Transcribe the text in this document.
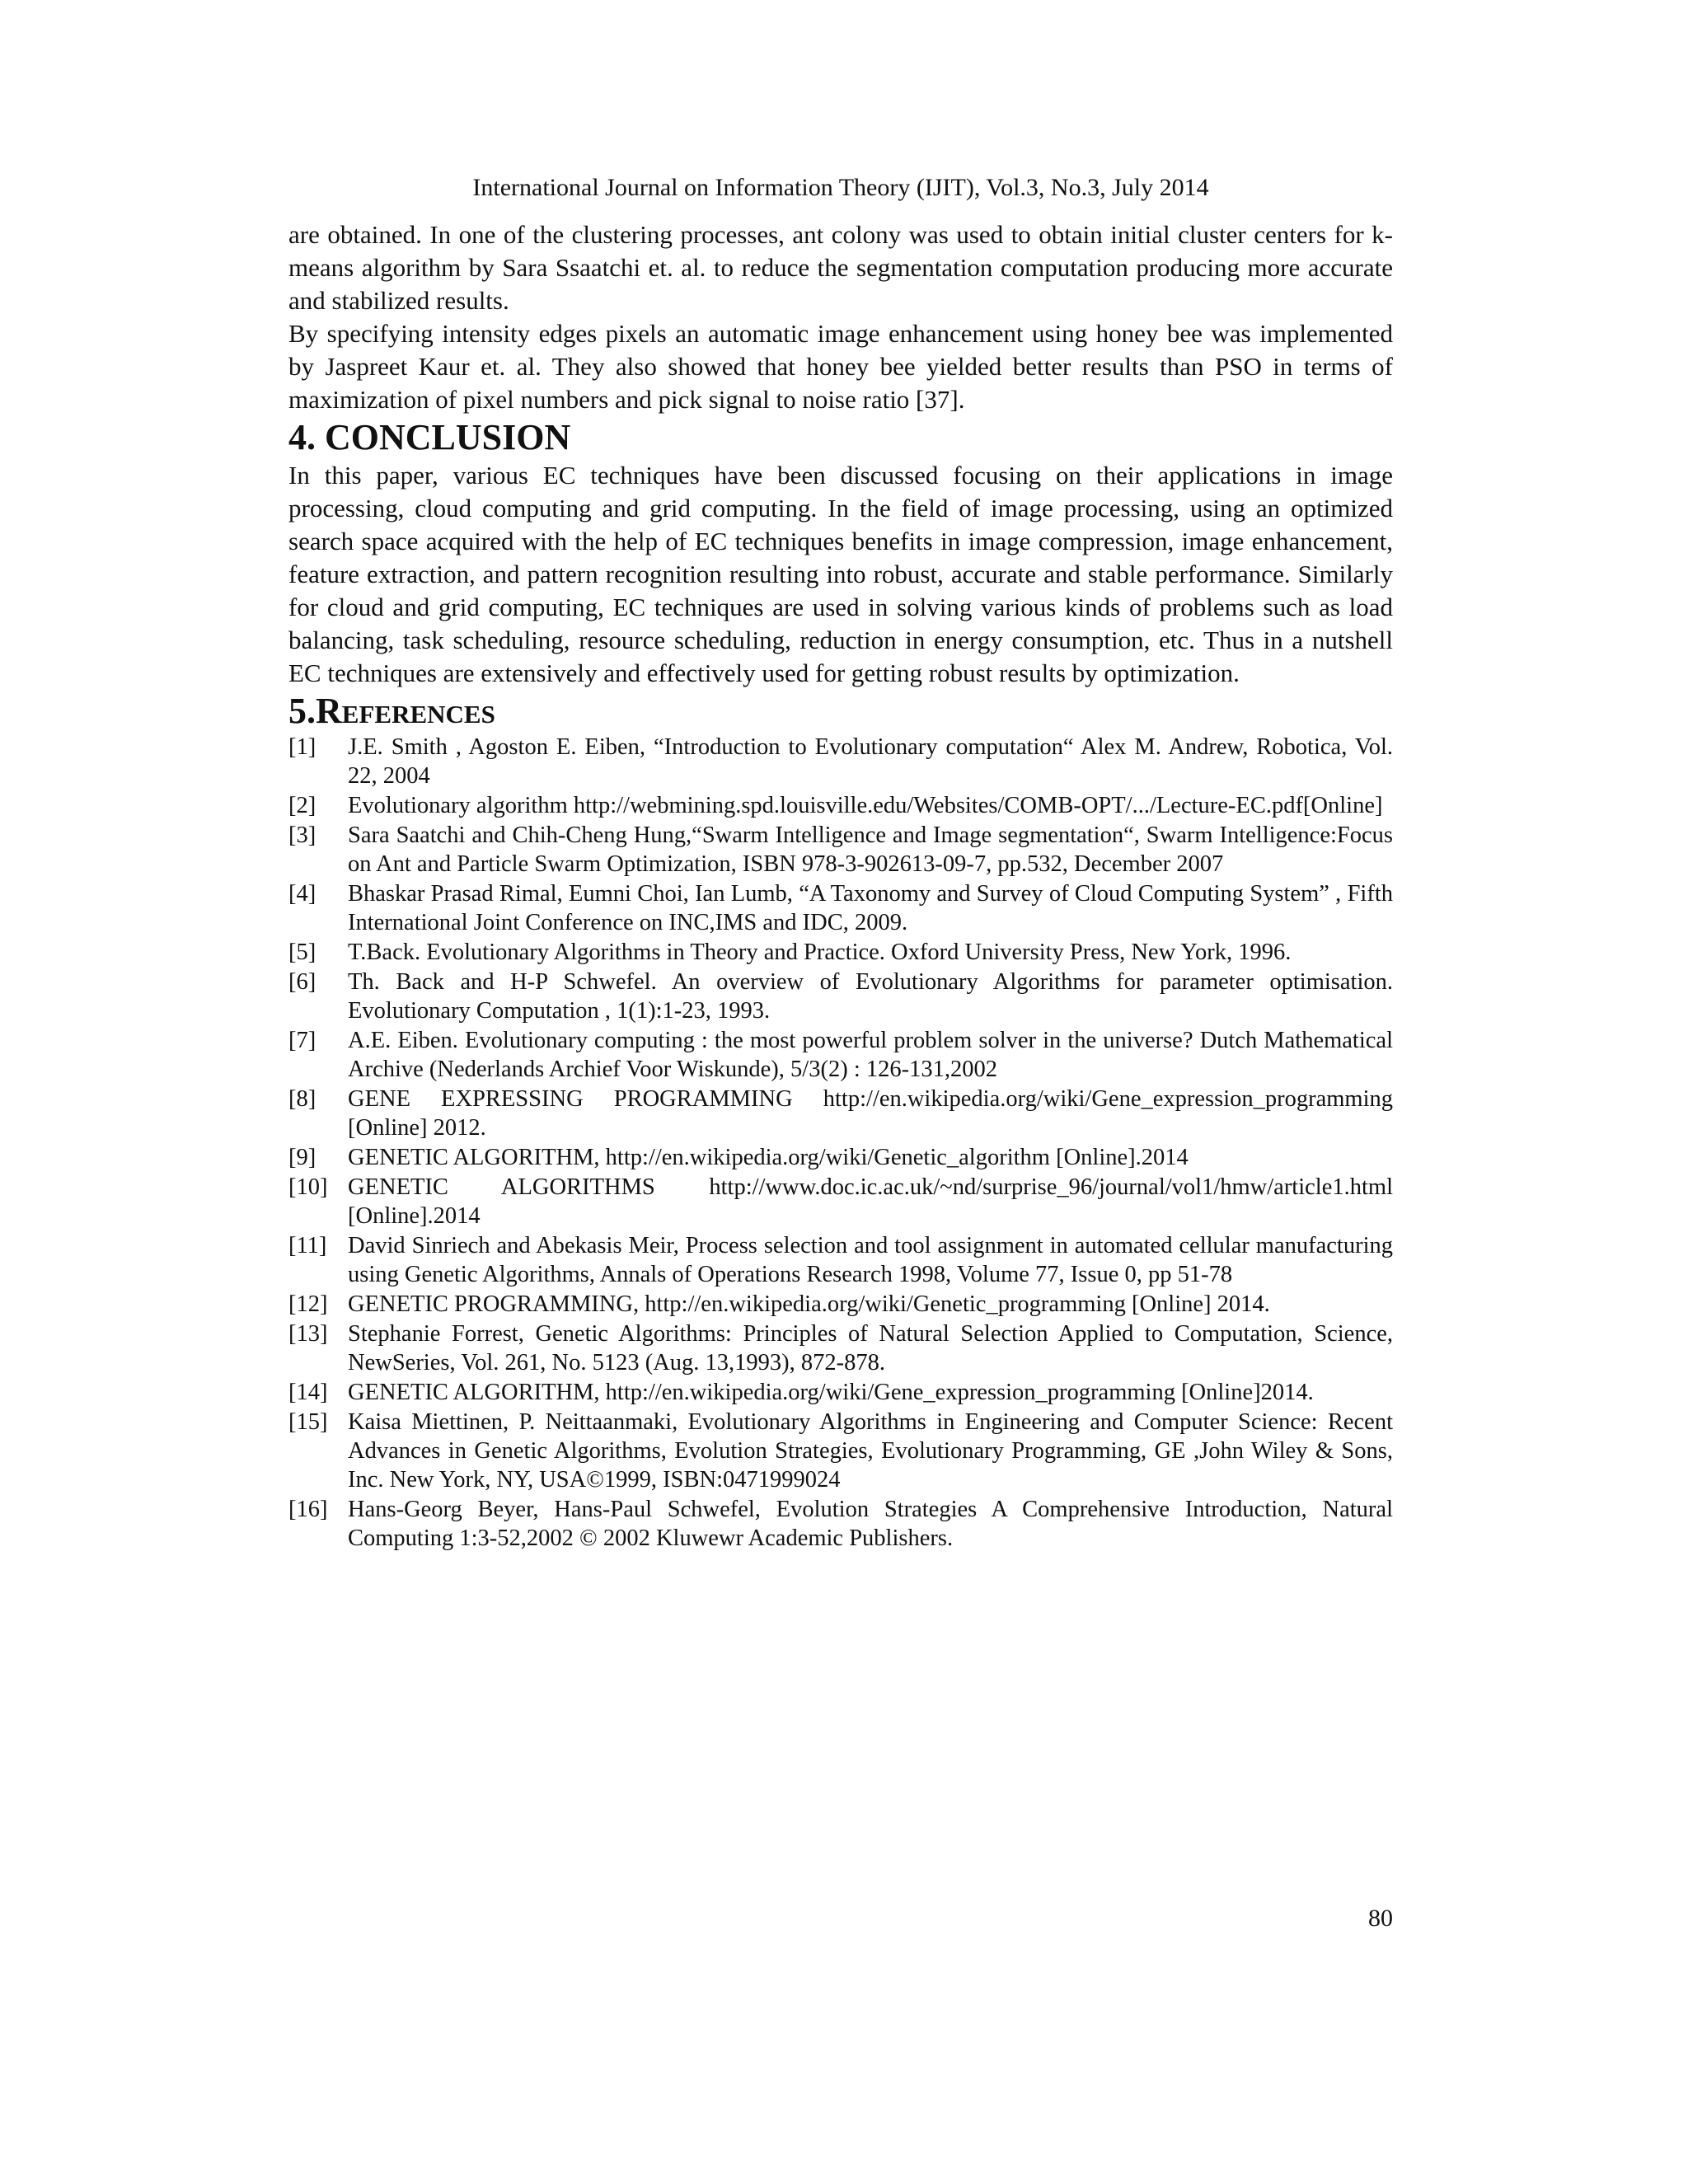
International Journal on Information Theory (IJIT), Vol.3, No.3, July 2014

are obtained. In one of the clustering processes, ant colony was used to obtain initial cluster centers for k-means algorithm by Sara Ssaatchi et. al. to reduce the segmentation computation producing more accurate and stabilized results.

By specifying intensity edges pixels an automatic image enhancement using honey bee was implemented by Jaspreet Kaur et. al. They also showed that honey bee yielded better results than PSO in terms of maximization of pixel numbers and pick signal to noise ratio [37].

4. CONCLUSION

In this paper, various EC techniques have been discussed focusing on their applications in image processing, cloud computing and grid computing. In the field of image processing, using an optimized search space acquired with the help of EC techniques benefits in image compression, image enhancement, feature extraction, and pattern recognition resulting into robust, accurate and stable performance. Similarly for cloud and grid computing, EC techniques are used in solving various kinds of problems such as load balancing, task scheduling, resource scheduling, reduction in energy consumption, etc. Thus in a nutshell EC techniques are extensively and effectively used for getting robust results by optimization.

5.References
[1]	J.E. Smith , Agoston E. Eiben, “Introduction to Evolutionary computation“ Alex M. Andrew, Robotica, Vol. 22, 2004
[2]	Evolutionary algorithm http://webmining.spd.louisville.edu/Websites/COMB-OPT/.../Lecture-EC.pdf[Online]
[3]	Sara Saatchi and Chih-Cheng Hung,“Swarm Intelligence and Image segmentation“, Swarm Intelligence:Focus on Ant and Particle Swarm Optimization, ISBN 978-3-902613-09-7, pp.532, December 2007
[4]	Bhaskar Prasad Rimal, Eumni Choi, Ian Lumb, “A Taxonomy and Survey of Cloud Computing System” , Fifth International Joint Conference on INC,IMS and IDC, 2009.
[5]	T.Back. Evolutionary Algorithms in Theory and Practice. Oxford University Press, New York, 1996.
[6]	Th. Back and H-P Schwefel. An overview of Evolutionary Algorithms for parameter optimisation. Evolutionary Computation , 1(1):1-23, 1993.
[7]	A.E. Eiben. Evolutionary computing : the most powerful problem solver in the universe? Dutch Mathematical Archive (Nederlands Archief Voor Wiskunde), 5/3(2) : 126-131,2002
[8]	GENE EXPRESSING PROGRAMMING http://en.wikipedia.org/wiki/Gene_expression_programming [Online] 2012.
[9]	GENETIC ALGORITHM, http://en.wikipedia.org/wiki/Genetic_algorithm [Online].2014
[10] GENETIC ALGORITHMS http://www.doc.ic.ac.uk/~nd/surprise_96/journal/vol1/hmw/article1.html [Online].2014
[11] David Sinriech and Abekasis Meir, Process selection and tool assignment in automated cellular manufacturing using Genetic Algorithms, Annals of Operations Research 1998, Volume 77, Issue 0, pp 51-78
[12] GENETIC PROGRAMMING, http://en.wikipedia.org/wiki/Genetic_programming [Online] 2014.
[13] Stephanie Forrest, Genetic Algorithms: Principles of Natural Selection Applied to Computation, Science, NewSeries, Vol. 261, No. 5123 (Aug. 13,1993), 872-878.
[14] GENETIC ALGORITHM, http://en.wikipedia.org/wiki/Gene_expression_programming [Online]2014.
[15] Kaisa Miettinen, P. Neittaanmaki, Evolutionary Algorithms in Engineering and Computer Science: Recent Advances in Genetic Algorithms, Evolution Strategies, Evolutionary Programming, GE ,John Wiley & Sons, Inc. New York, NY, USA©1999, ISBN:0471999024
[16] Hans-Georg Beyer, Hans-Paul Schwefel, Evolution Strategies A Comprehensive Introduction, Natural Computing 1:3-52,2002 © 2002 Kluwewr Academic Publishers.
80
